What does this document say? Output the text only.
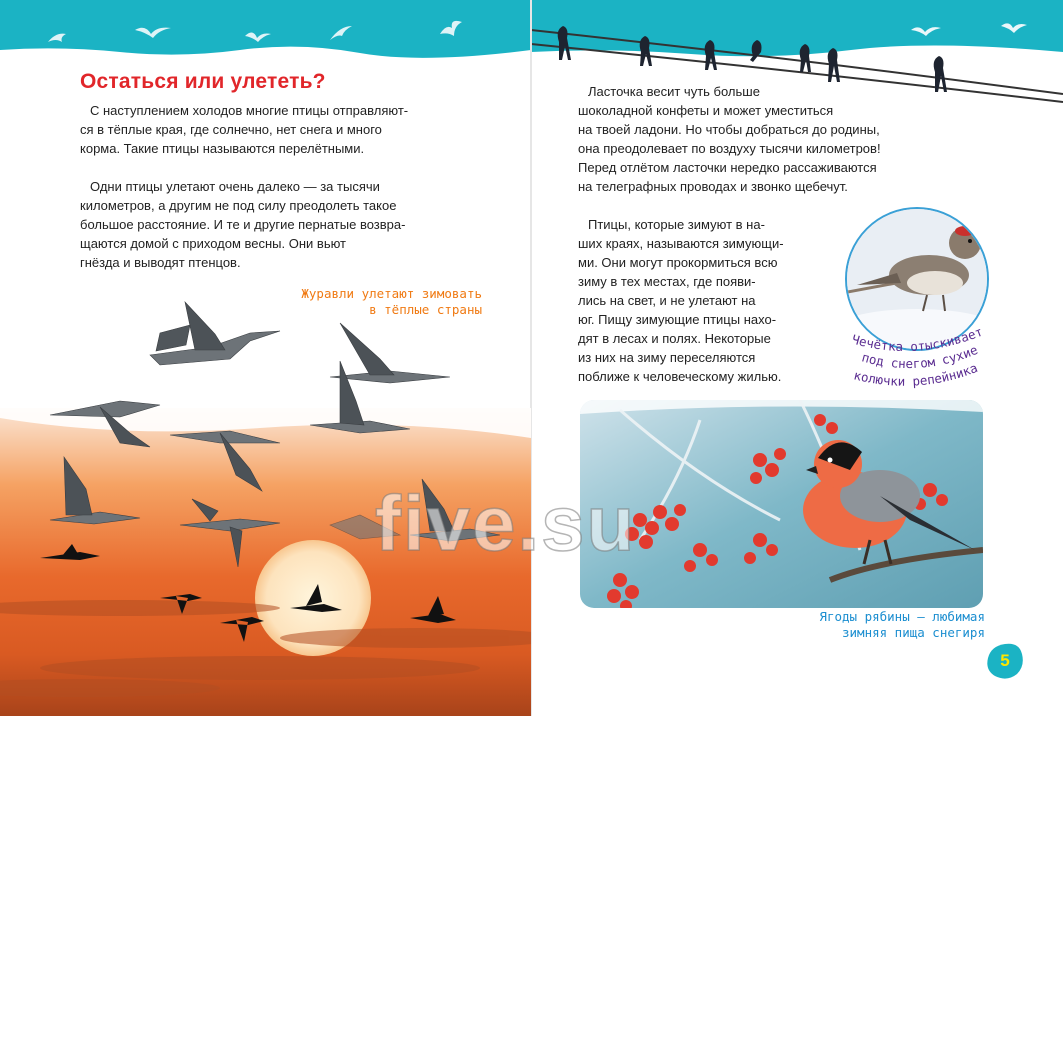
Остаться или улететь?

С наступлением холодов многие птицы отправляют-

ся в тёплые края, где солнечно, нет снега и много

корма. Такие птицы называются перелётными.

Одни птицы улетают очень далеко — за тысячи

километров, а другим не под силу преодолеть такое

большое расстояние. И те и другие пернатые возвра-

щаются домой с приходом весны. Они вьют

гнёзда и выводят птенцов.

Журавли улетают зимовать
в тёплые страны

Ласточка весит чуть больше

шоколадной конфеты и может уместиться

на твоей ладони. Но чтобы добраться до родины,

она преодолевает по воздуху тысячи километров!

Перед отлётом ласточки нередко рассаживаются

на телеграфных проводах и звонко щебечут.

Птицы, которые зимуют в на-

ших краях, называются зимующи-

ми. Они могут прокормиться всю

зиму в тех местах, где появи-

лись на свет, и не улетают на

юг. Пищу зимующие птицы нахо-

дят в лесах и полях. Некоторые

из них на зиму переселяются

поближе к человеческому жилью.

Чечётка отыскивает
под снегом сухие
колючки репейника
Ягоды рябины — любимая
зимняя пища снегиря
5
five.su
